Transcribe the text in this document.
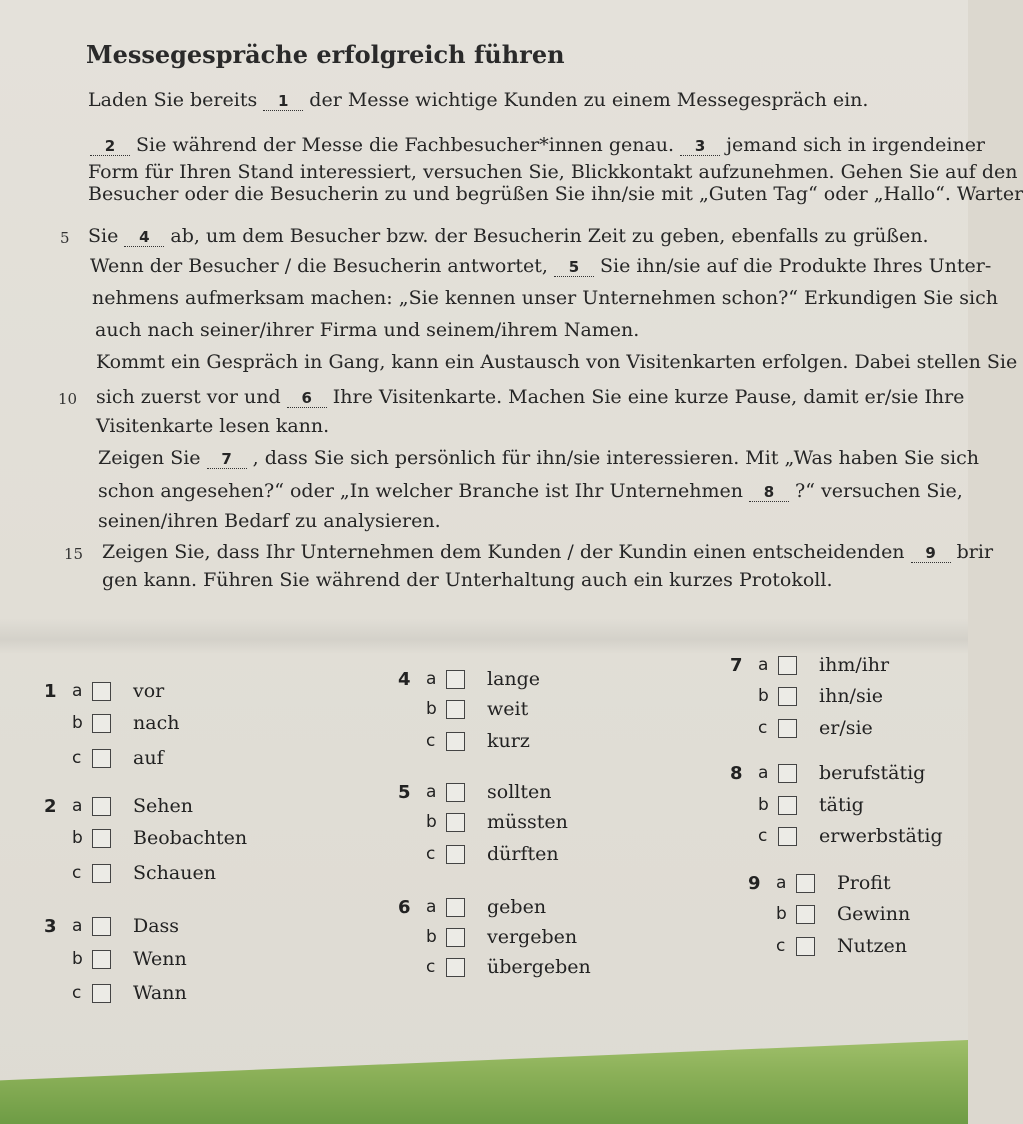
Messegespräche erfolgreich führen
Laden Sie bereits 1 der Messe wichtige Kunden zu einem Messegespräch ein.
2 Sie während der Messe die Fachbesucher*innen genau. 3 jemand sich in irgendeiner
Form für Ihren Stand interessiert, versuchen Sie, Blickkontakt aufzunehmen. Gehen Sie auf den
Besucher oder die Besucherin zu und begrüßen Sie ihn/sie mit „Guten Tag“ oder „Hallo“. Warter
5 Sie 4 ab, um dem Besucher bzw. der Besucherin Zeit zu geben, ebenfalls zu grüßen.
Wenn der Besucher / die Besucherin antwortet, 5 Sie ihn/sie auf die Produkte Ihres Unter-
nehmens aufmerksam machen: „Sie kennen unser Unternehmen schon?“ Erkundigen Sie sich
auch nach seiner/ihrer Firma und seinem/ihrem Namen.
Kommt ein Gespräch in Gang, kann ein Austausch von Visitenkarten erfolgen. Dabei stellen Sie
10 sich zuerst vor und 6 Ihre Visitenkarte. Machen Sie eine kurze Pause, damit er/sie Ihre
Visitenkarte lesen kann.
Zeigen Sie 7 , dass Sie sich persönlich für ihn/sie interessieren. Mit „Was haben Sie sich
schon angesehen?“ oder „In welcher Branche ist Ihr Unternehmen 8 ?“ versuchen Sie,
seinen/ihren Bedarf zu analysieren.
15 Zeigen Sie, dass Ihr Unternehmen dem Kunden / der Kundin einen entscheidenden 9 brir
gen kann. Führen Sie während der Unterhaltung auch ein kurzes Protokoll.
1 a	vor
b	nach
c	auf
2 a	Sehen
b	Beobachten
c	Schauen
3 a	Dass
b	Wenn
c	Wann
4 a	lange
b	weit
c	kurz
5 a	sollten
b	müssten
c	dürften
6 a	geben
b	vergeben
c	übergeben
7 a	ihm/ihr
b	ihn/sie
c	er/sie
8 a	berufstätig
b	tätig
c	erwerbstätig
9 a	Profit
b	Gewinn
c	Nutzen
